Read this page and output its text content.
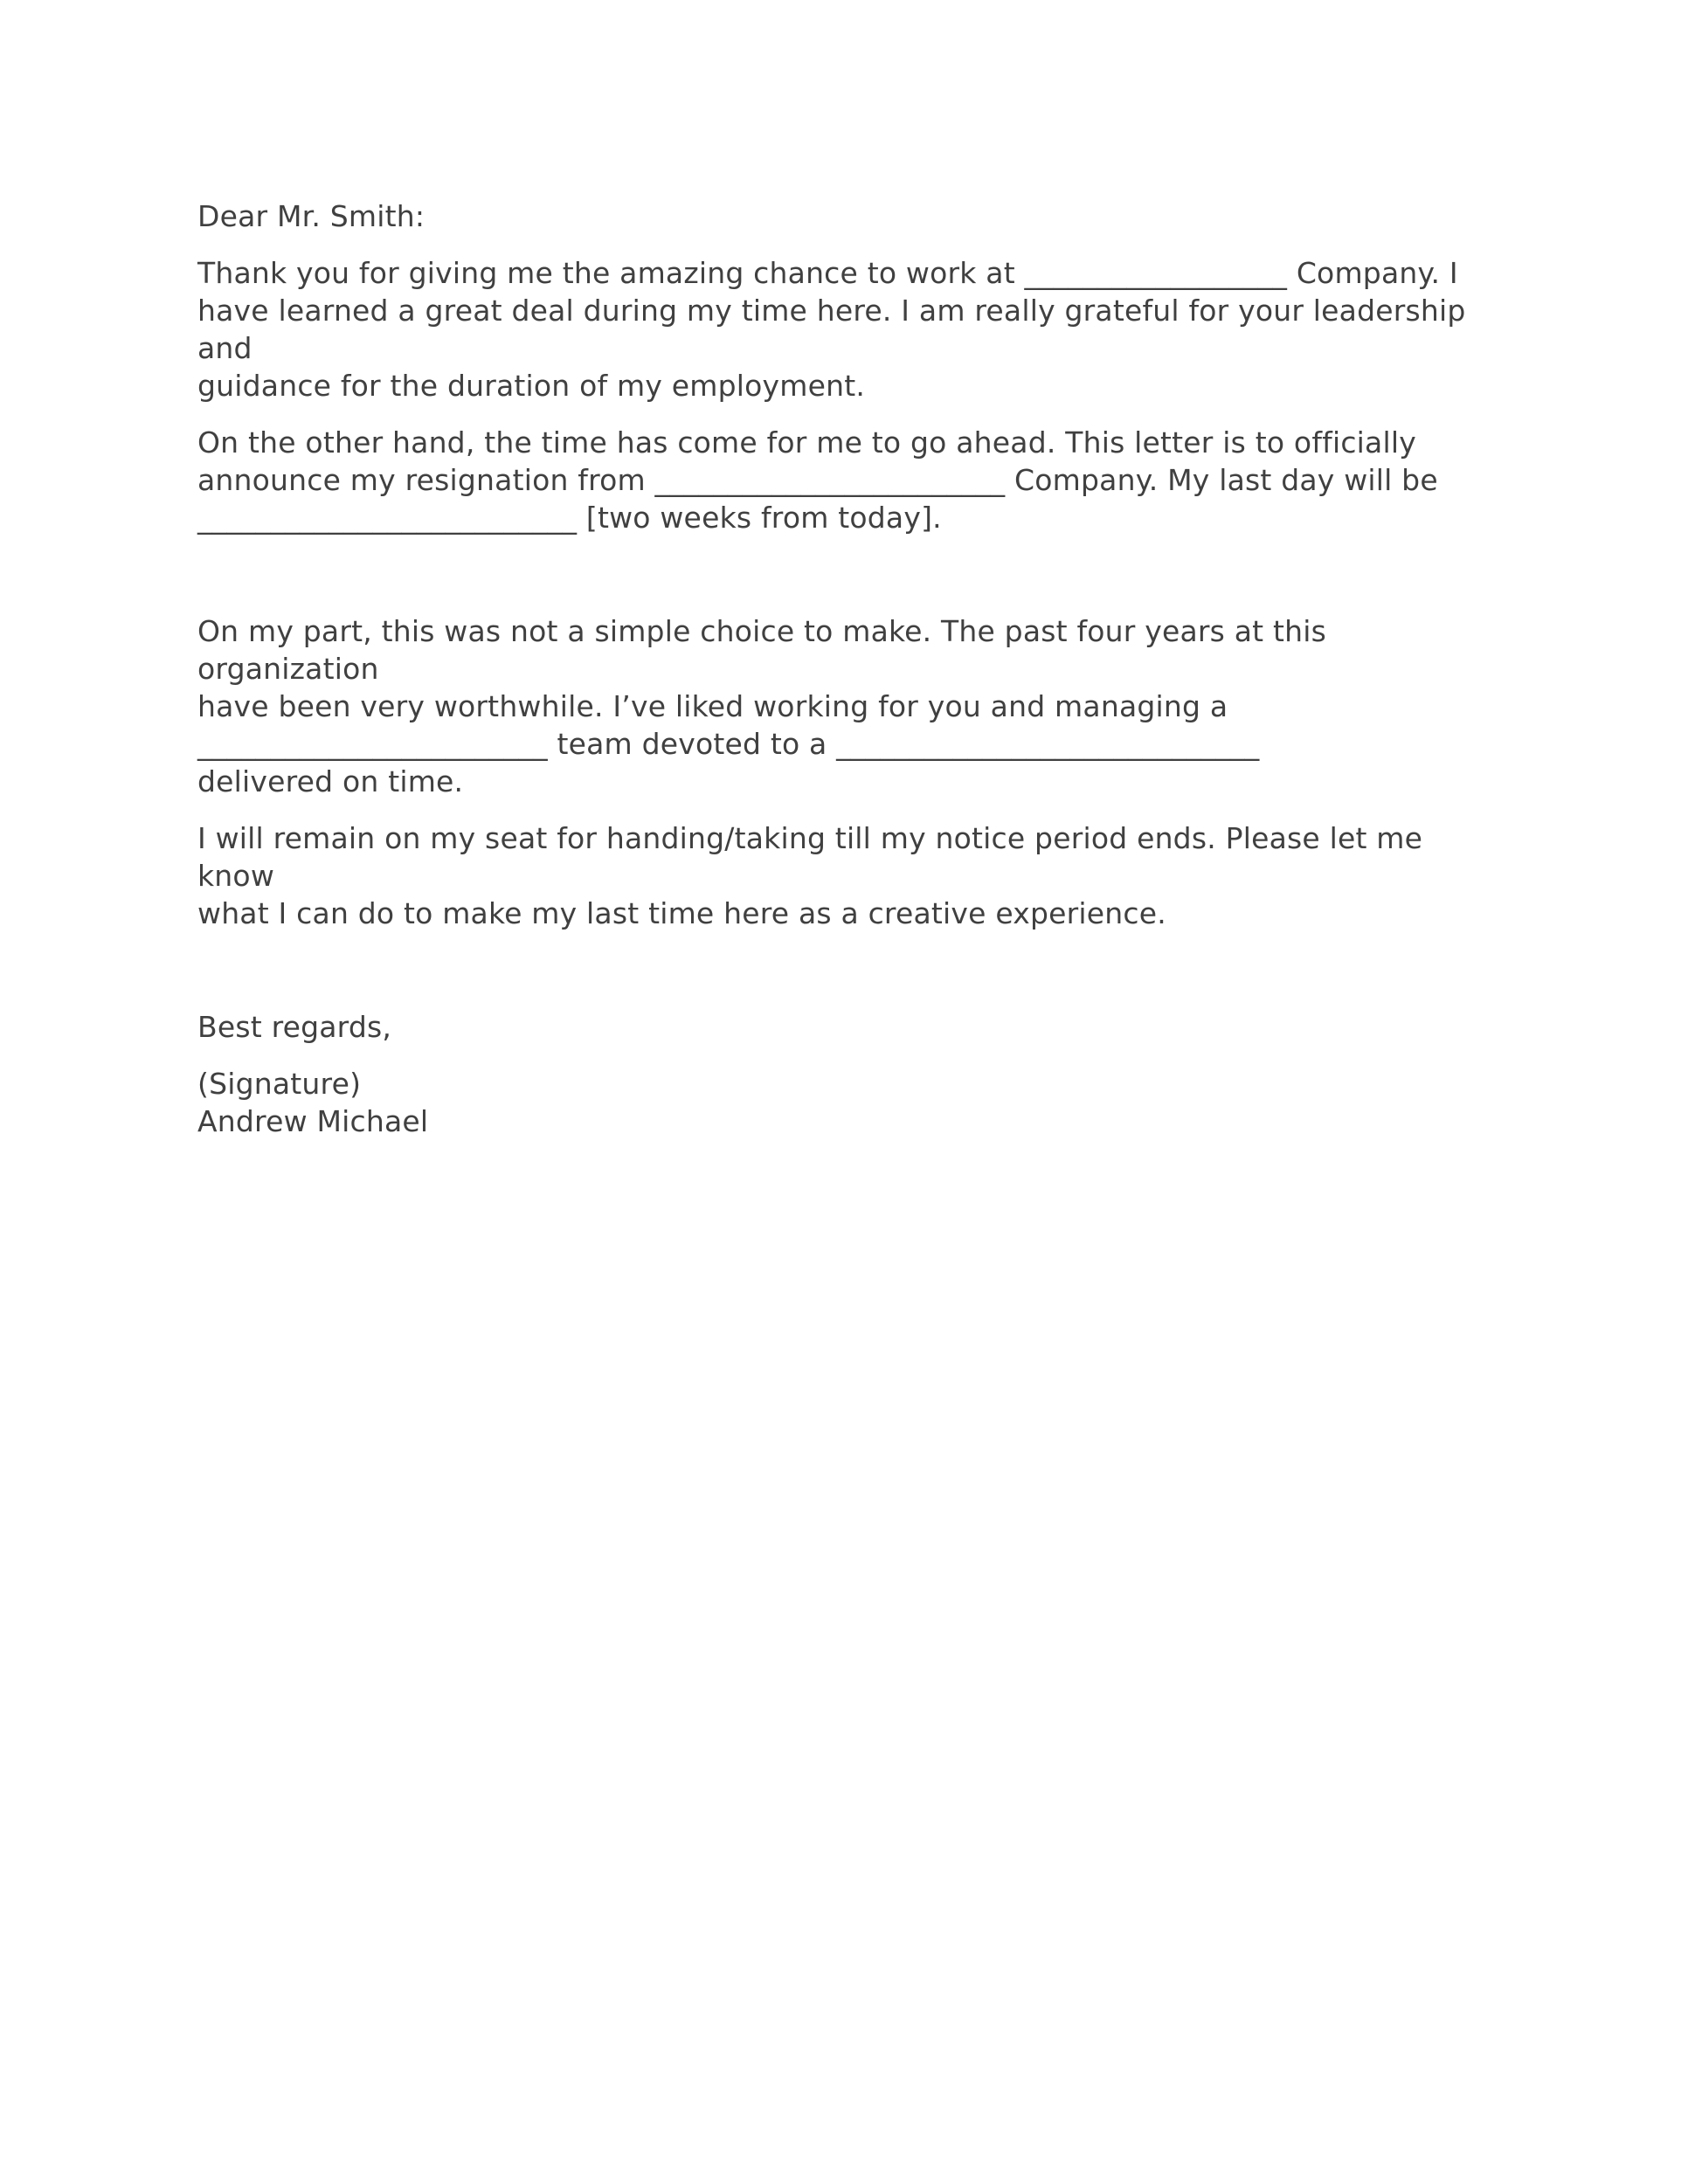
Dear Mr. Smith:

Thank you for giving me the amazing chance to work at __________________ Company. I
have learned a great deal during my time here. I am really grateful for your leadership and
guidance for the duration of my employment.

On the other hand, the time has come for me to go ahead. This letter is to officially
announce my resignation from ________________________ Company. My last day will be
__________________________ [two weeks from today].

On my part, this was not a simple choice to make. The past four years at this organization
have been very worthwhile. I’ve liked working for you and managing a
________________________ team devoted to a _____________________________
delivered on time.

I will remain on my seat for handing/taking till my notice period ends. Please let me know
what I can do to make my last time here as a creative experience.

Best regards,

(Signature)

Andrew Michael
